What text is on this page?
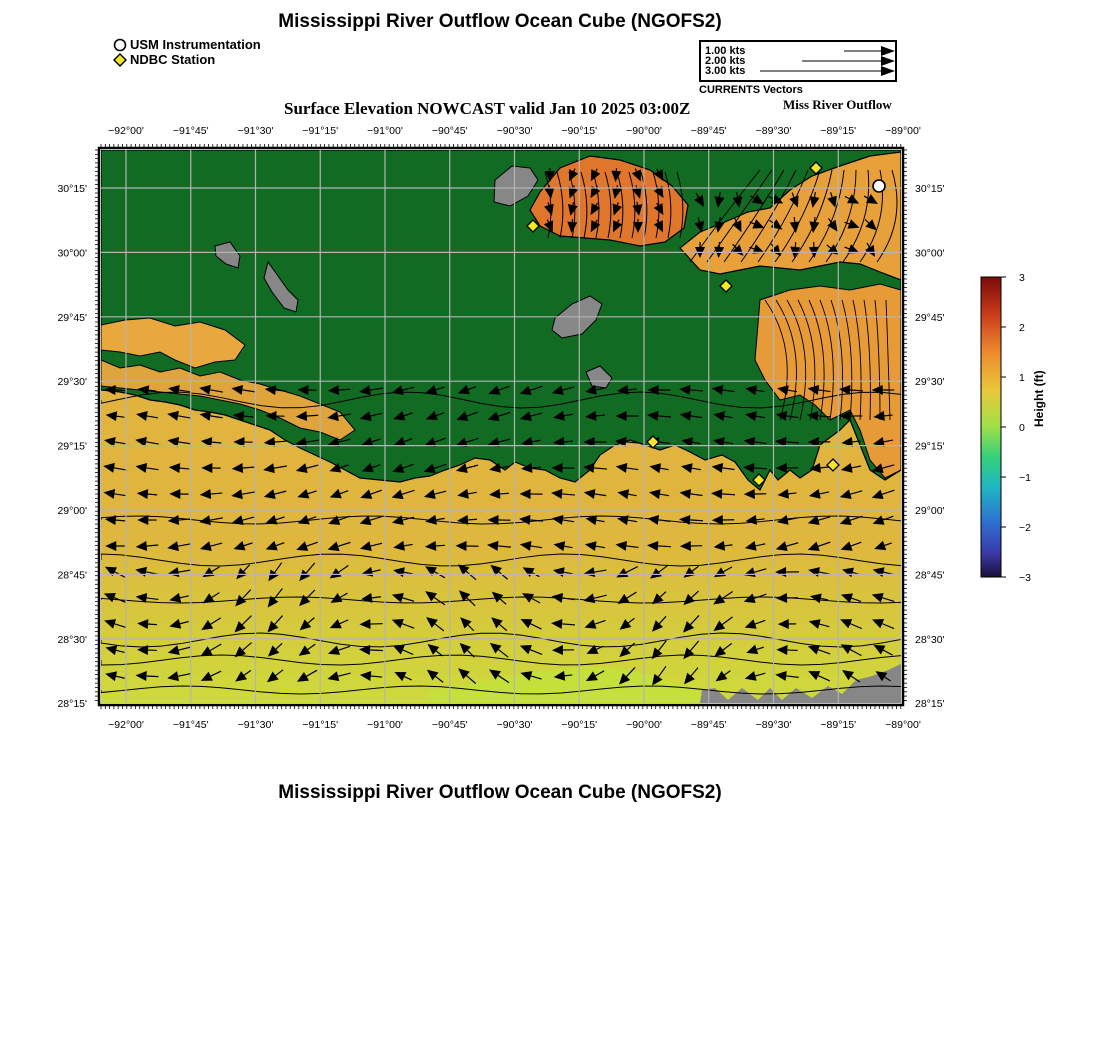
Mississippi River Outflow Ocean Cube (NGOFS2)
USM Instrumentation
NDBC Station
1.00 kts
2.00 kts
3.00 kts
CURRENTS Vectors
Surface Elevation NOWCAST valid Jan 10 2025 03:00Z	Miss River Outflow
−92°00'	−91°45'	−91°30'	−91°15'	−91°00'	−90°45'	−90°30'	−90°15'	−90°00'	−89°45'	−89°30'	−89°15'	−89°00'
−92°00'	−91°45'	−91°30'	−91°15'	−91°00'	−90°45'	−90°30'	−90°15'	−90°00'	−89°45'	−89°30'	−89°15'	−89°00'
30°15'
30°00'
29°45'
29°30'
29°15'
29°00'
28°45'
28°30'
28°15'
30°15'
30°00'
29°45'
29°30'
29°15'
29°00'
28°45'
28°30'
28°15'
3
2
1
0
−1
−2
−3
Height (ft)
Mississippi River Outflow Ocean Cube (NGOFS2)
